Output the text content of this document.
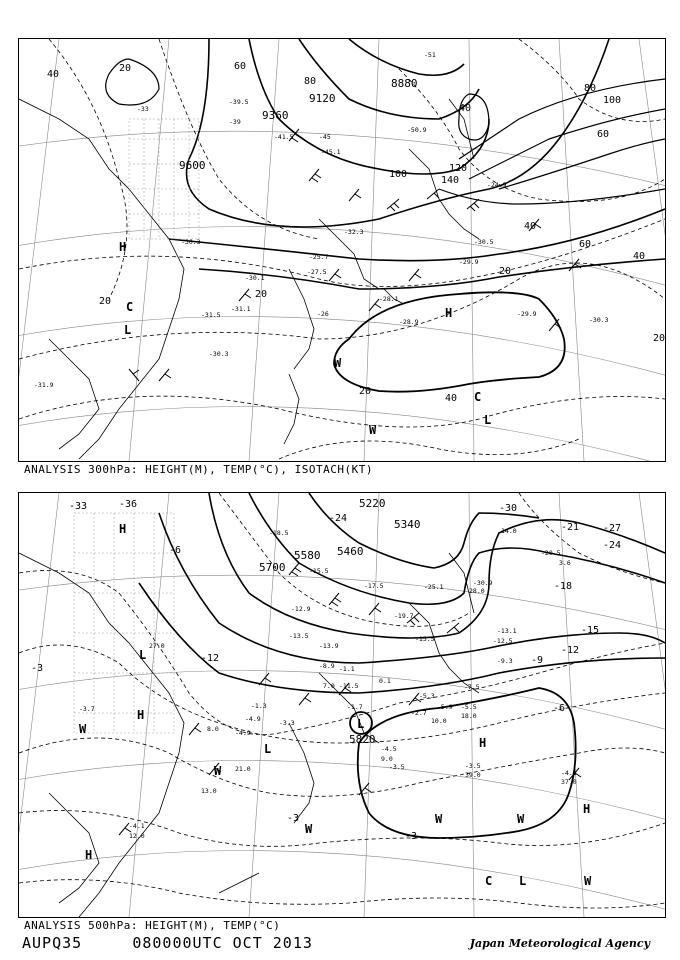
9600
9360
9120
8880
20
40
60
80
100
120
140
60
80
100
40
60
40
20
20
20
40
20
20
40
H
H
L
C
L
C
W
W
-33
-39
-45
-51
-30.3	-30.5
-29.9
-28.9
-31.1
-30.3
-32.3
-27.5
-28.1
-26
-29.9
-30.3
-31.9
-31.5
-41.5
-45.1
-50.9
-24.9
-39.5
-25.7
-30.1
ANALYSIS 300hPa: HEIGHT(M), TEMP(°C), ISOTACH(KT)
5220
5340
5460
5580
5700
5820
-30
-27
-24
-21
-18
-15
-12
-9
-6
-3
-6
-12
-3
-3
-33
-24
-36
H
L
H
H
H
L
H
L
C
L
W
W
W
W	W
W
-15.5
-19.7
-17.5
-13.5
-8.9
-4.9
-3.5
-5.5
-5.9
-7.5
-4.1
-3.7
-4.1
-1.1
0.1
-1.3
-3.3
-9.3
-2.7
-5.3
-13.1
-12.5
-20.5
-30.9
-25.1
-18.5
-12.9
-13.9
-11.5
-4.5
-1.7
-3.5
13.0
10.0
21.0
18.0
37.0
39.0
27.0
28.0
9.0
8.0
7.0
3.6
14.0
12.0
-15.5
-4.9
ANALYSIS 500hPa: HEIGHT(M), TEMP(°C)
AUPQ35	080000UTC OCT 2013	Japan Meteorological Agency
